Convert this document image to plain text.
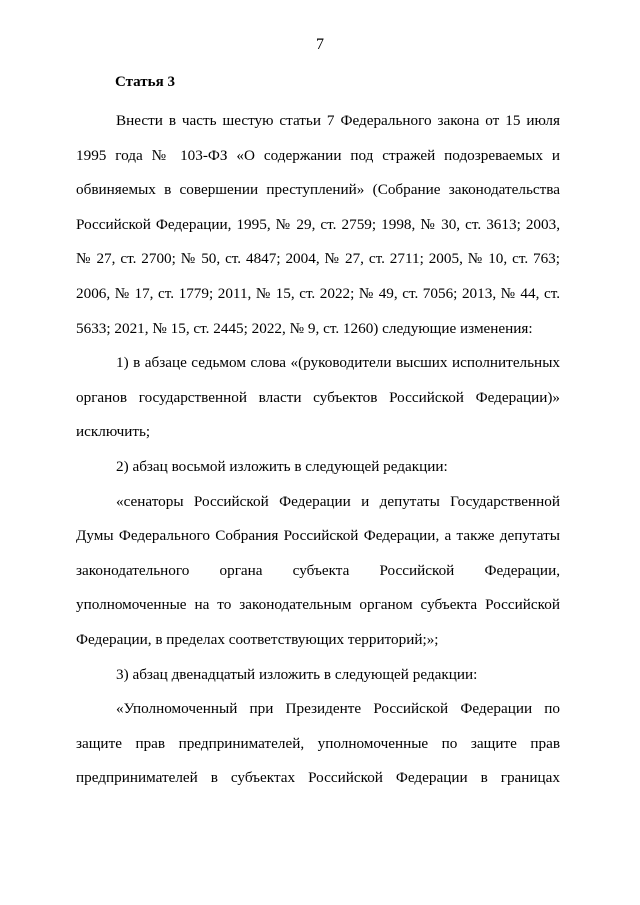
7
Статья 3

Внести в часть шестую статьи 7 Федерального закона от 15 июля 1995 года № 103-ФЗ «О содержании под стражей подозреваемых и обвиняемых в совершении преступлений» (Собрание законодательства Российской Федерации, 1995, № 29, ст. 2759; 1998, № 30, ст. 3613; 2003, № 27, ст. 2700; № 50, ст. 4847; 2004, № 27, ст. 2711; 2005, № 10, ст. 763; 2006, № 17, ст. 1779; 2011, № 15, ст. 2022; № 49, ст. 7056; 2013, № 44, ст. 5633; 2021, № 15, ст. 2445; 2022, № 9, ст. 1260) следующие изменения:

1) в абзаце седьмом слова «(руководители высших исполнительных органов государственной власти субъектов Российской Федерации)» исключить;

2) абзац восьмой изложить в следующей редакции:

«сенаторы Российской Федерации и депутаты Государственной Думы Федерального Собрания Российской Федерации, а также депутаты законодательного органа субъекта Российской Федерации, уполномоченные на то законодательным органом субъекта Российской Федерации, в пределах соответствующих территорий;»;

3) абзац двенадцатый изложить в следующей редакции:

«Уполномоченный при Президенте Российской Федерации по защите прав предпринимателей, уполномоченные по защите прав предпринимателей в субъектах Российской Федерации в границах
